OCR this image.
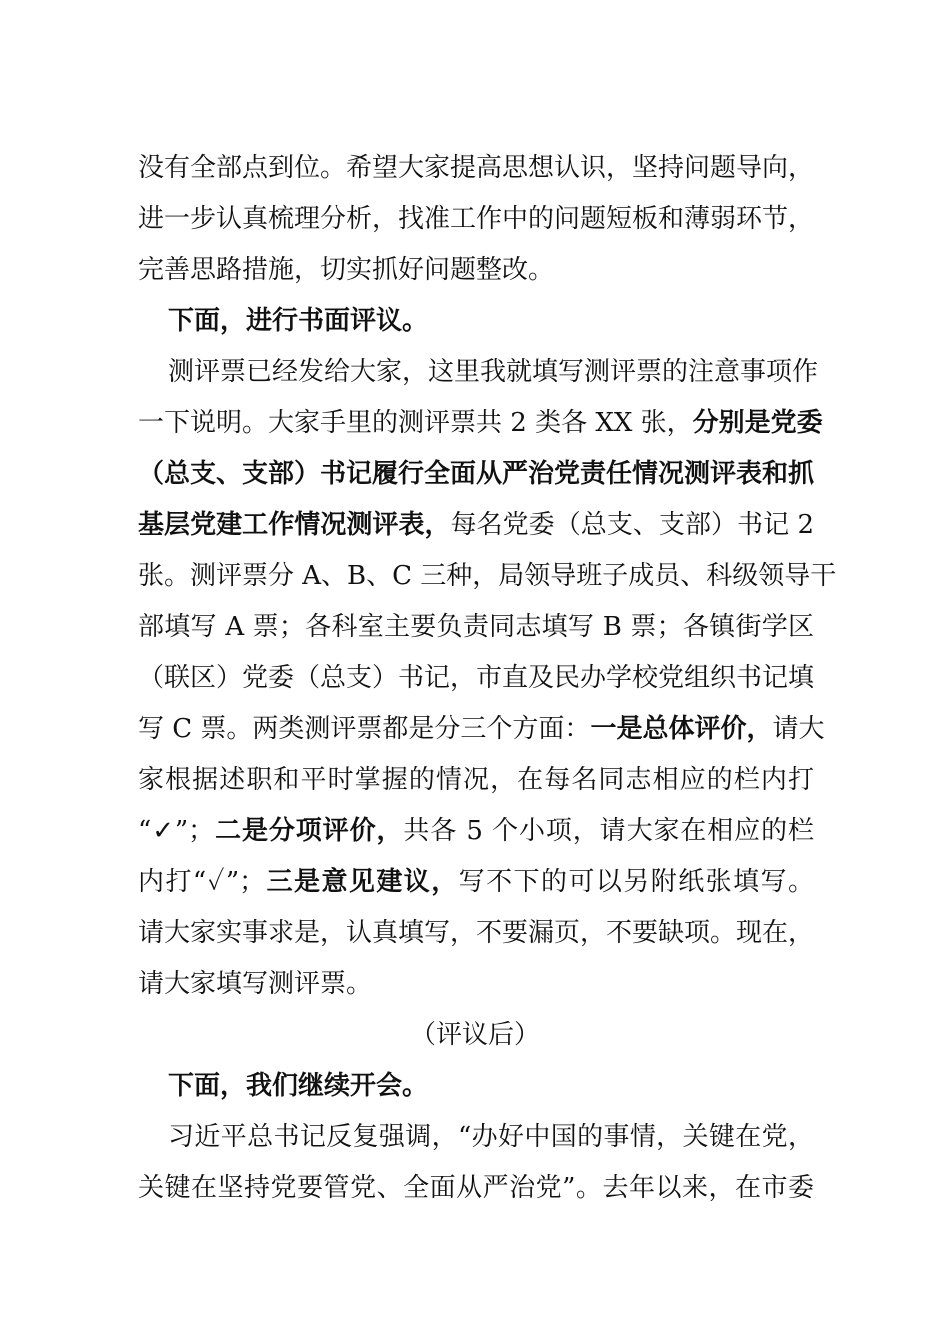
没有全部点到位。希望大家提高思想认识，坚持问题导向，
进一步认真梳理分析，找准工作中的问题短板和薄弱环节，
完善思路措施，切实抓好问题整改。
下面，进行书面评议。
测评票已经发给大家，这里我就填写测评票的注意事项作
一下说明。大家手里的测评票共 2 类各 XX 张，分别是党委
（总支、支部）书记履行全面从严治党责任情况测评表和抓
基层党建工作情况测评表，每名党委（总支、支部）书记 2
张。测评票分 A、B、C 三种，局领导班子成员、科级领导干
部填写 A 票；各科室主要负责同志填写 B 票；各镇街学区
（联区）党委（总支）书记，市直及民办学校党组织书记填
写 C 票。两类测评票都是分三个方面：一是总体评价，请大
家根据述职和平时掌握的情况，在每名同志相应的栏内打
“✓”；二是分项评价，共各 5 个小项，请大家在相应的栏
内打“✓”；三是意见建议，写不下的可以另附纸张填写。
请大家实事求是，认真填写，不要漏页，不要缺项。现在，
请大家填写测评票。
（评议后）
下面，我们继续开会。
习近平总书记反复强调，“办好中国的事情，关键在党，
关键在坚持党要管党、全面从严治党”。去年以来，在市委
